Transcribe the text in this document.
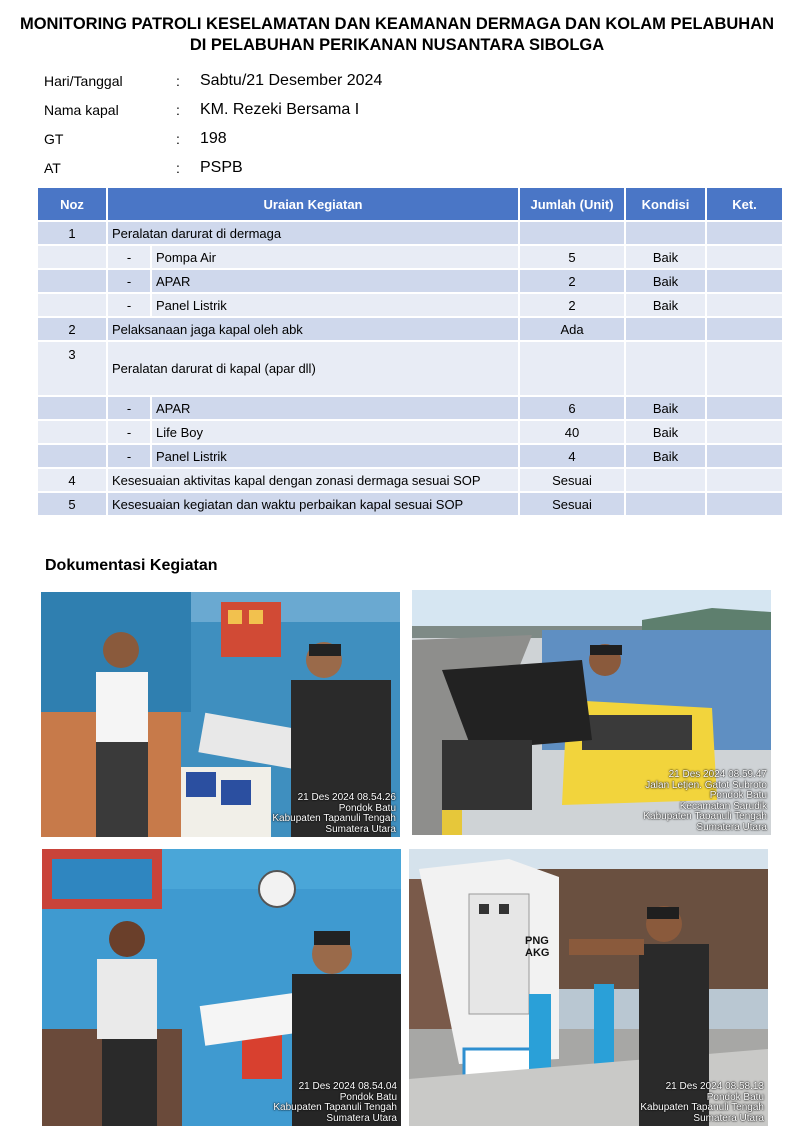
MONITORING PATROLI KESELAMATAN DAN KEAMANAN DERMAGA DAN KOLAM PELABUHAN
DI PELABUHAN PERIKANAN NUSANTARA SIBOLGA
Hari/Tanggal	:	Sabtu/21 Desember 2024
Nama kapal	:	KM. Rezeki Bersama I
GT	:	198
AT	:	PSPB
Noz	Uraian Kegiatan		Jumlah (Unit)	Kondisi	Ket.
1	Peralatan darurat di dermaga				
	-	Pompa Air	5	Baik	
	-	APAR	2	Baik	
	-	Panel Listrik	2	Baik	
2	Pelaksanaan jaga kapal oleh abk		Ada		
3	Peralatan darurat di kapal (apar dll)				
	-	APAR	6	Baik	
	-	Life Boy	40	Baik	
	-	Panel Listrik	4	Baik	
4	Kesesuaian aktivitas kapal dengan zonasi dermaga sesuai SOP		Sesuai		
5	Kesesuaian kegiatan dan waktu perbaikan kapal sesuai SOP		Sesuai		
Dokumentasi Kegiatan
21 Des 2024 08.54.26
Pondok Batu
Kabupaten Tapanuli Tengah
Sumatera Utara
21 Des 2024 08.59.47
Jalan Letjen. Gatot Subroto
Pondok Batu
Kecamatan Sarudik
Kabupaten Tapanuli Tengah
Sumatera Utara
21 Des 2024 08.54.04
Pondok Batu
Kabupaten Tapanuli Tengah
Sumatera Utara
PNG AKG
21 Des 2024 08.58.13
Pondok Batu
Kabupaten Tapanuli Tengah
Sumatera Utara
